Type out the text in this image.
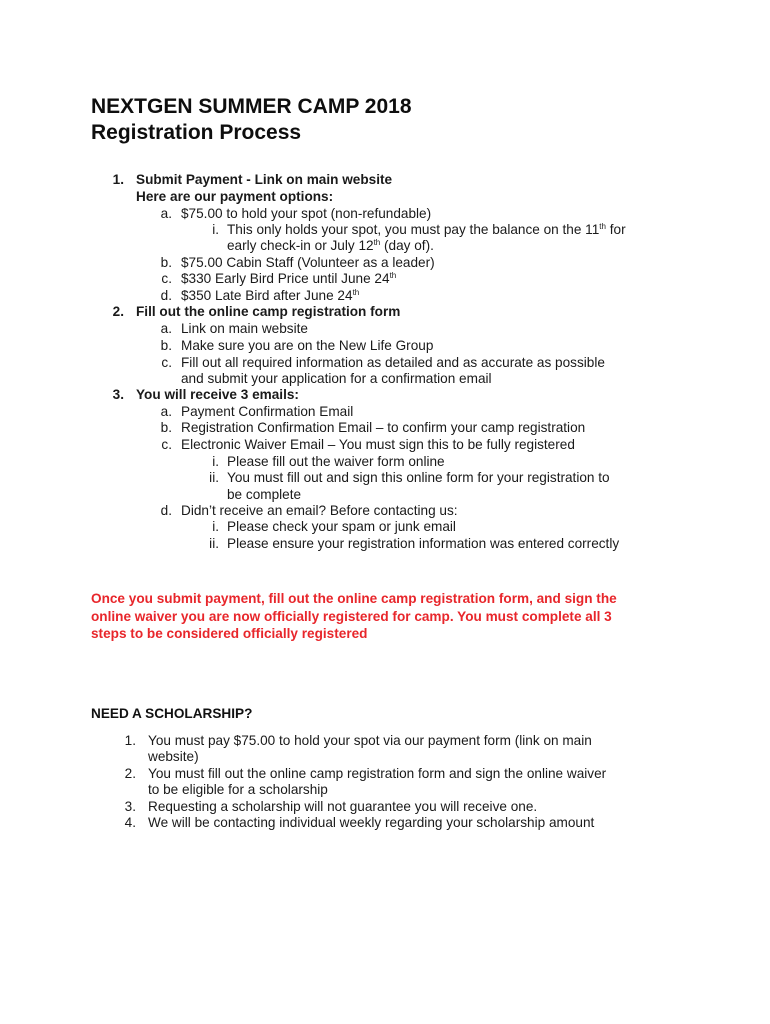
NEXTGEN SUMMER CAMP 2018
Registration Process
1. Submit Payment - Link on main website
Here are our payment options:
a. $75.00 to hold your spot (non-refundable)
i. This only holds your spot, you must pay the balance on the 11th for
early check-in or July 12th (day of).
b. $75.00 Cabin Staff (Volunteer as a leader)
c. $330 Early Bird Price until June 24th
d. $350 Late Bird after June 24th
2. Fill out the online camp registration form
a. Link on main website
b. Make sure you are on the New Life Group
c. Fill out all required information as detailed and as accurate as possible
and submit your application for a confirmation email
3. You will receive 3 emails:
a. Payment Confirmation Email
b. Registration Confirmation Email – to confirm your camp registration
c. Electronic Waiver Email – You must sign this to be fully registered
i. Please fill out the waiver form online
ii. You must fill out and sign this online form for your registration to
be complete
d. Didn’t receive an email? Before contacting us:
i. Please check your spam or junk email
ii. Please ensure your registration information was entered correctly
Once you submit payment, fill out the online camp registration form, and sign the
online waiver you are now officially registered for camp. You must complete all 3
steps to be considered officially registered
NEED A SCHOLARSHIP?
1. You must pay $75.00 to hold your spot via our payment form (link on main
website)
2. You must fill out the online camp registration form and sign the online waiver
to be eligible for a scholarship
3. Requesting a scholarship will not guarantee you will receive one.
4. We will be contacting individual weekly regarding your scholarship amount
